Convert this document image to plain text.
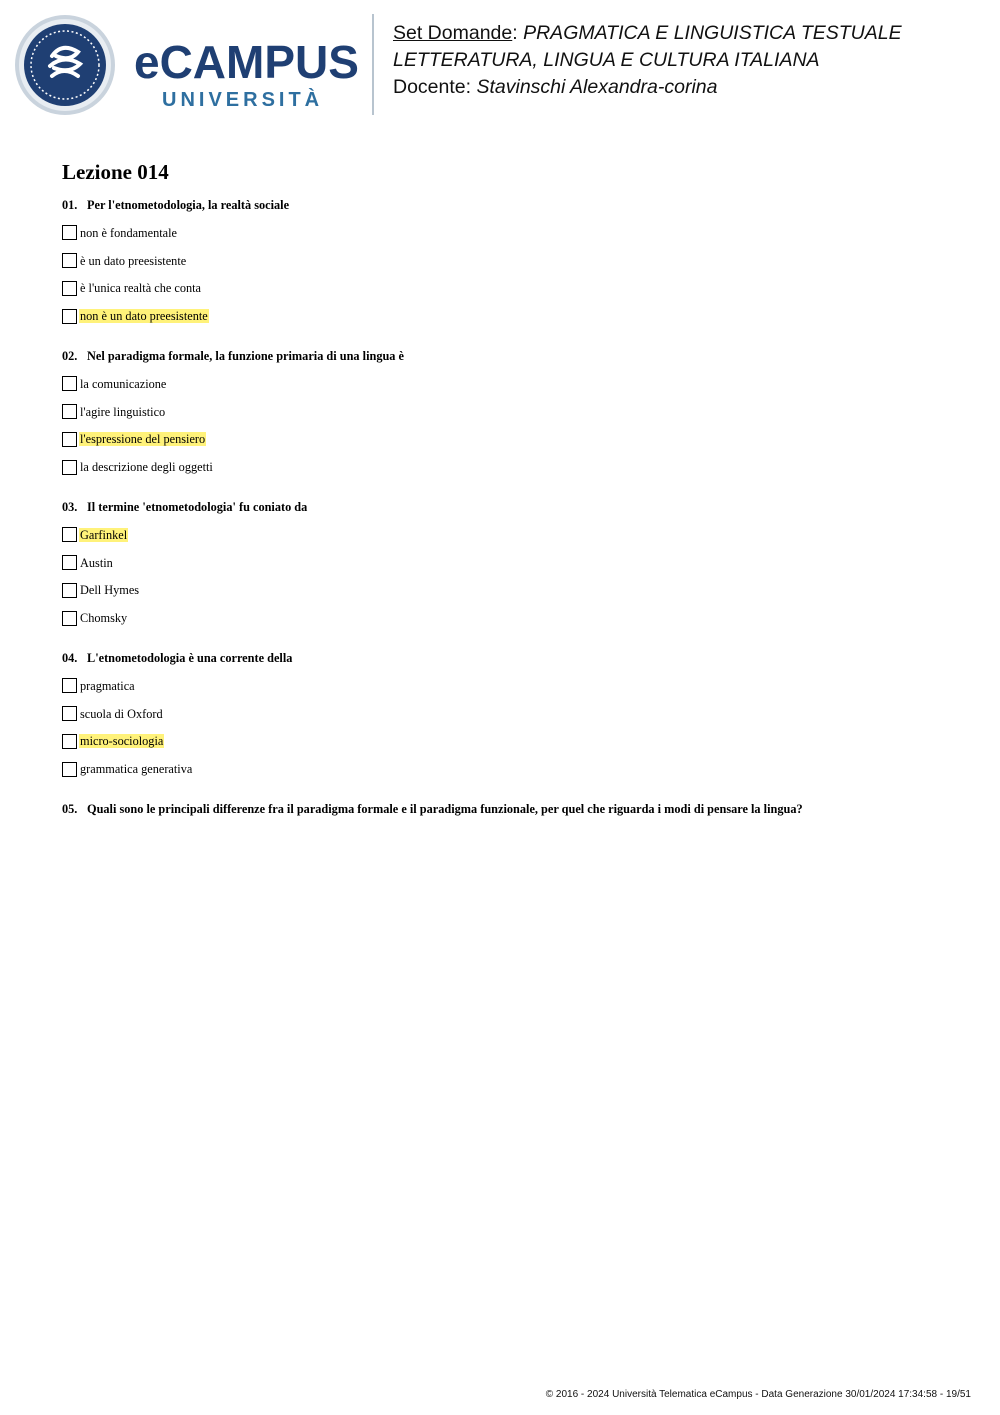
eCAMPUS
UNIVERSITÀ
Set Domande: PRAGMATICA E LINGUISTICA TESTUALE
LETTERATURA, LINGUA E CULTURA ITALIANA
Docente: Stavinschi Alexandra-corina
Lezione 014
01. Per l'etnometodologia, la realtà sociale
non è fondamentale
è un dato preesistente
è l'unica realtà che conta
non è un dato preesistente
02. Nel paradigma formale, la funzione primaria di una lingua è
la comunicazione
l'agire linguistico
l'espressione del pensiero
la descrizione degli oggetti
03. Il termine 'etnometodologia' fu coniato da
Garfinkel
Austin
Dell Hymes
Chomsky
04. L'etnometodologia è una corrente della
pragmatica
scuola di Oxford
micro-sociologia
grammatica generativa
05. Quali sono le principali differenze fra il paradigma formale e il paradigma funzionale, per quel che riguarda i modi di pensare la lingua?
© 2016 - 2024 Università Telematica eCampus - Data Generazione 30/01/2024 17:34:58 - 19/51
